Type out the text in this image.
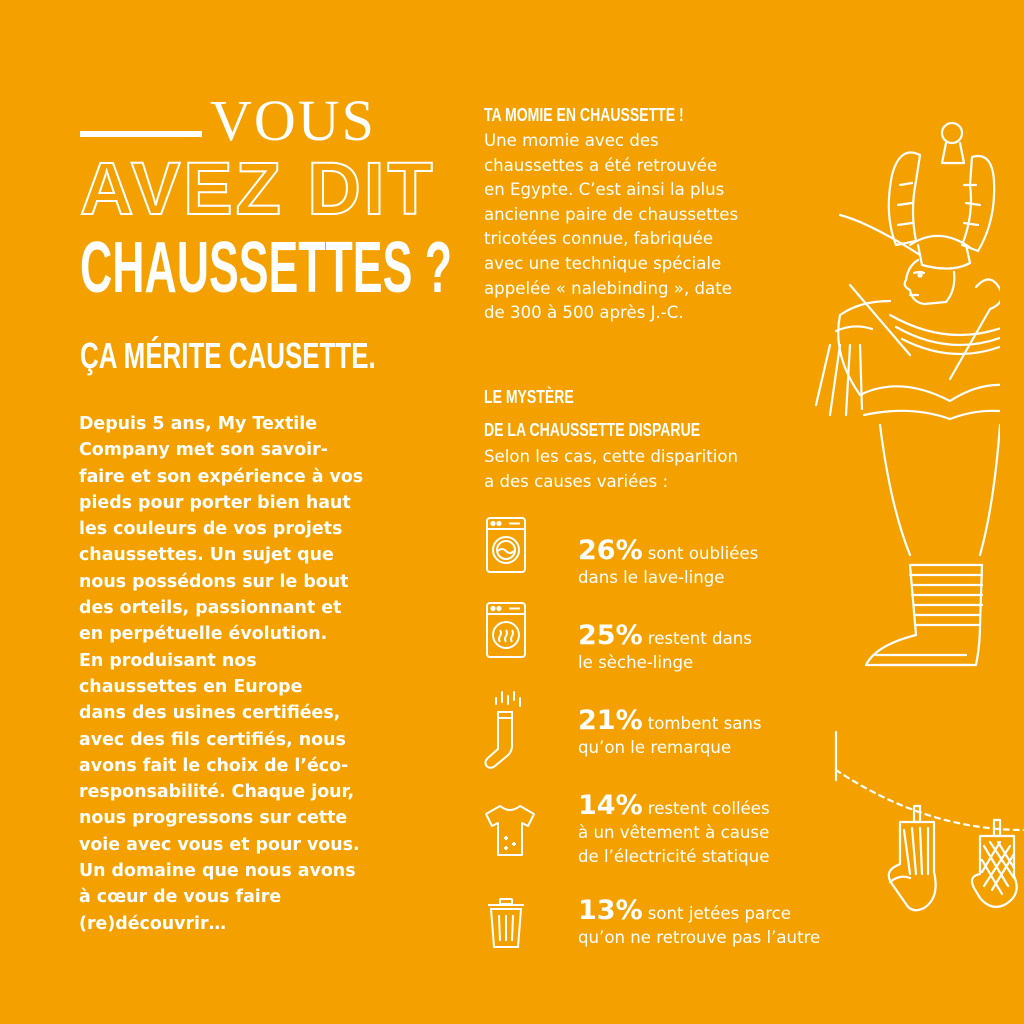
VOUS
AVEZ DIT
CHAUSSETTES ?
ÇA MÉRITE CAUSETTE.
Depuis 5 ans, My Textile
Company met son savoir-
faire et son expérience à vos
pieds pour porter bien haut
les couleurs de vos projets
chaussettes. Un sujet que
nous possédons sur le bout
des orteils, passionnant et
en perpétuelle évolution.
En produisant nos
chaussettes en Europe
dans des usines certifiées,
avec des fils certifiés, nous
avons fait le choix de l’éco-
responsabilité. Chaque jour,
nous progressons sur cette
voie avec vous et pour vous.
Un domaine que nous avons
à cœur de vous faire
(re)découvrir…
TA MOMIE EN CHAUSSETTE !
Une momie avec des
chaussettes a été retrouvée
en Egypte. C’est ainsi la plus
ancienne paire de chaussettes
tricotées connue, fabriquée
avec une technique spéciale
appelée « nalebinding », date
de 300 à 500 après J.-C.
LE MYSTÈRE
DE LA CHAUSSETTE DISPARUE
Selon les cas, cette disparition
a des causes variées :
26% sont oubliées
dans le lave-linge
25% restent dans
le sèche-linge
21% tombent sans
qu’on le remarque
14% restent collées
à un vêtement à cause
de l’électricité statique
13% sont jetées parce
qu’on ne retrouve pas l’autre
